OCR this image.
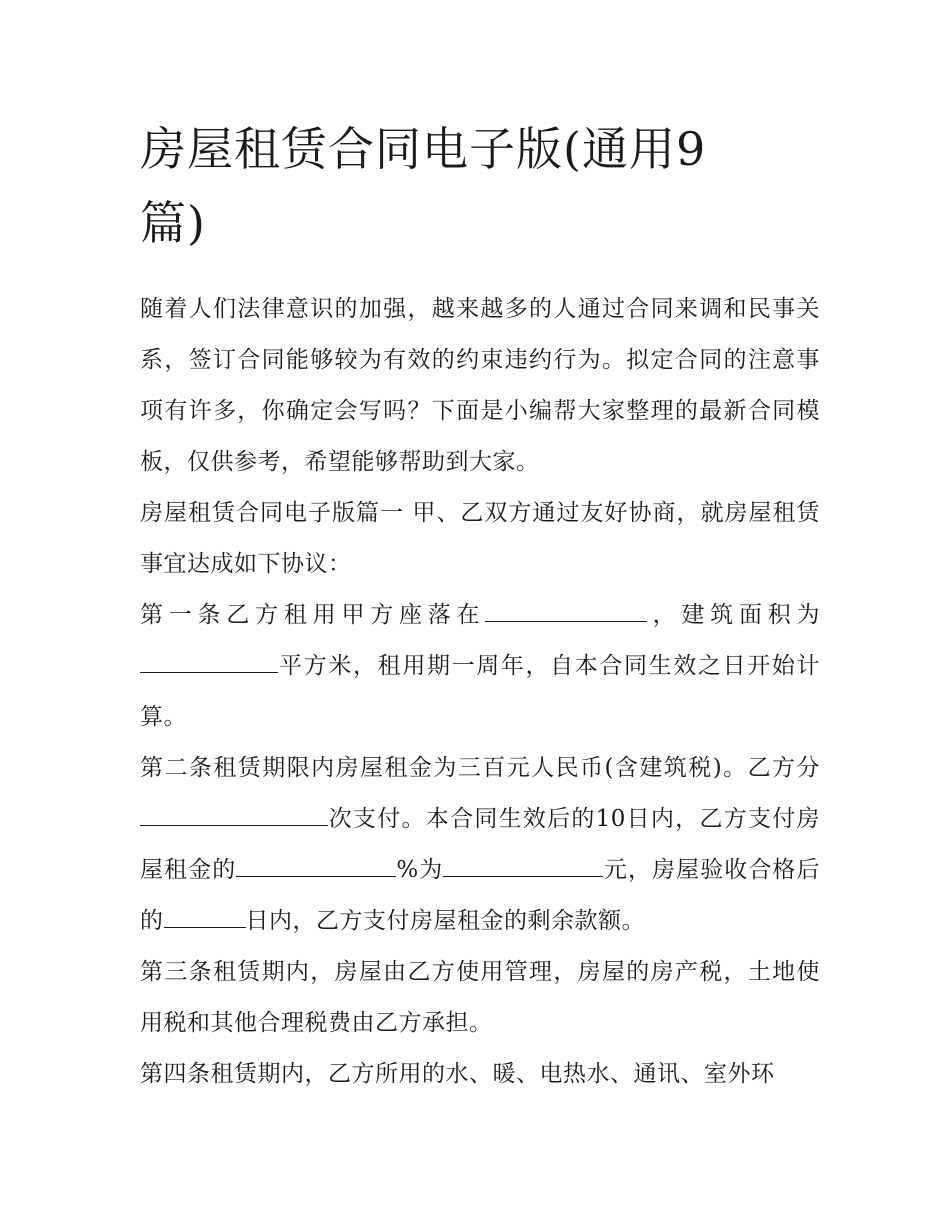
房屋租赁合同电子版(通用9篇)

随着人们法律意识的加强，越来越多的人通过合同来调和民事关系，签订合同能够较为有效的约束违约行为。拟定合同的注意事项有许多，你确定会写吗？下面是小编帮大家整理的最新合同模板，仅供参考，希望能够帮助到大家。

房屋租赁合同电子版篇一 甲、乙双方通过友好协商，就房屋租赁事宜达成如下协议：

第一条乙方租用甲方座落在	，建筑面积为平方米，租用期一周年，自本合同生效之日开始计算。

第二条租赁期限内房屋租金为三百元人民币(含建筑税)。乙方分次支付。本合同生效后的10日内，乙方支付房屋租金的	%为	元，房屋验收合格后的	日内，乙方支付房屋租金的剩余款额。

第三条租赁期内，房屋由乙方使用管理，房屋的房产税，土地使用税和其他合理税费由乙方承担。

第四条租赁期内，乙方所用的水、暖、电热水、通讯、室外环
